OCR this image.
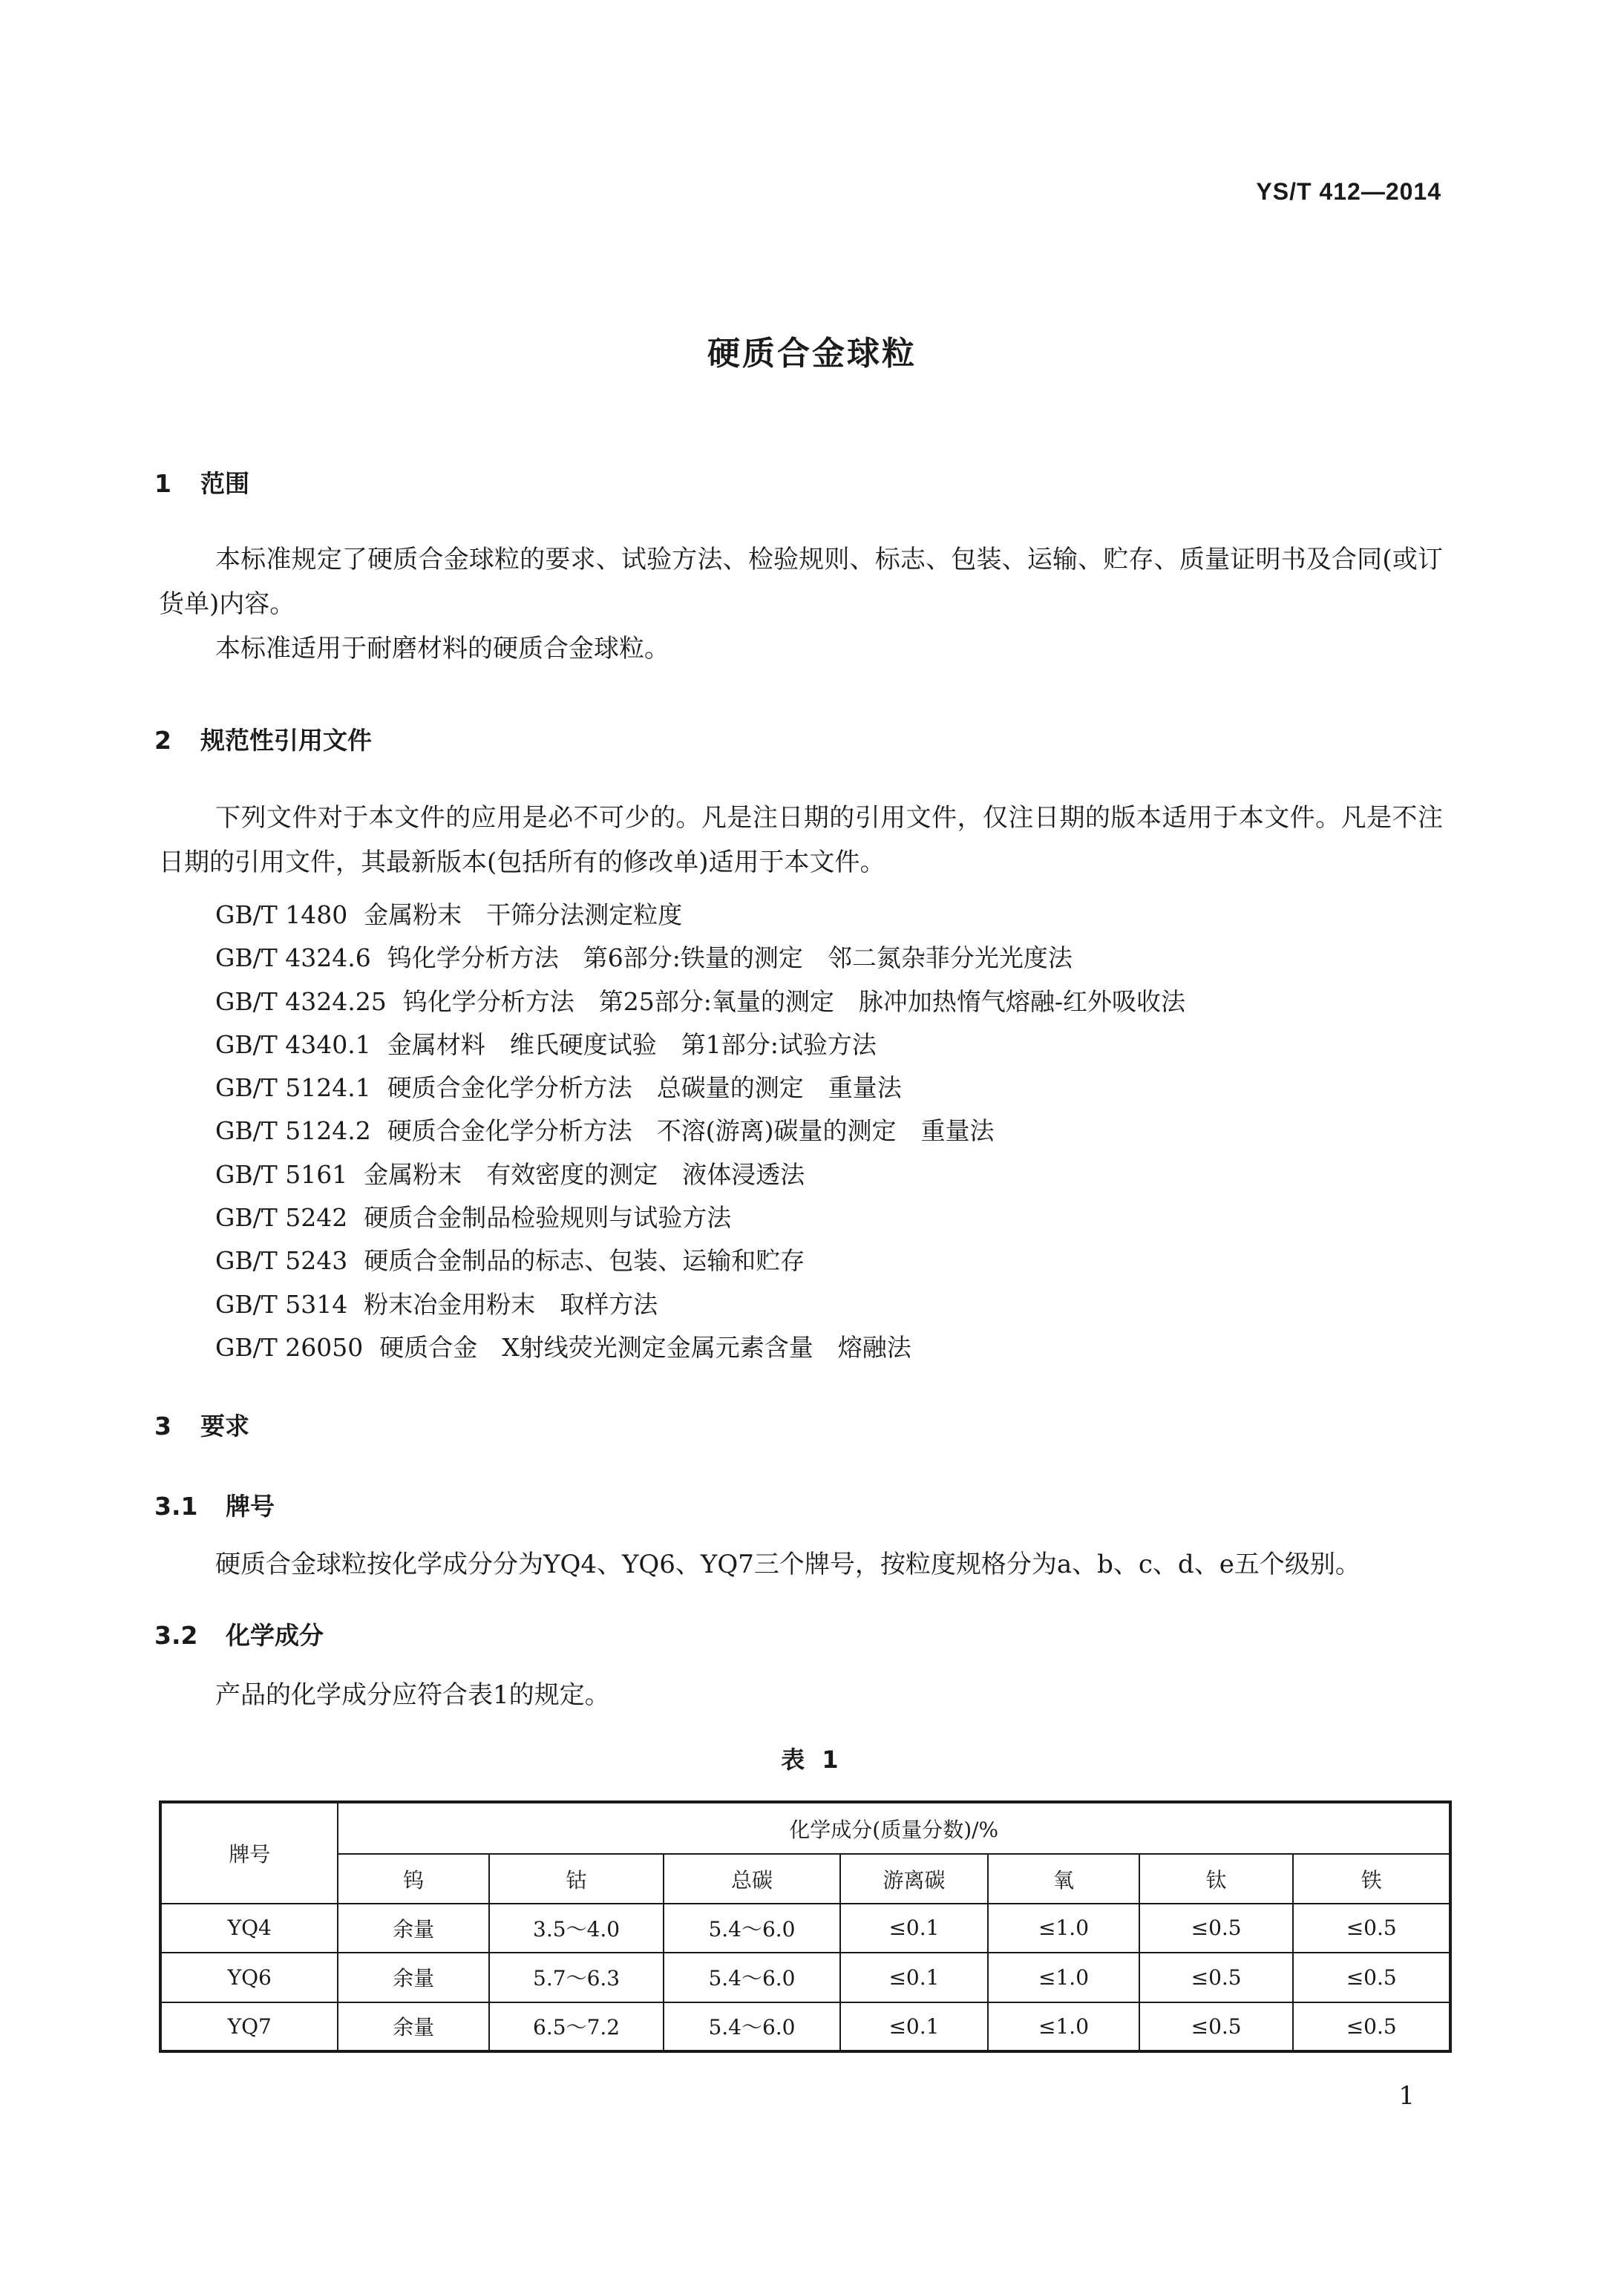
YS/T 412—2014
硬质合金球粒
1 范围

本标准规定了硬质合金球粒的要求、试验方法、检验规则、标志、包装、运输、贮存、质量证明书及合同(或订货单)内容。

本标准适用于耐磨材料的硬质合金球粒。

2 规范性引用文件

下列文件对于本文件的应用是必不可少的。凡是注日期的引用文件，仅注日期的版本适用于本文件。凡是不注日期的引用文件，其最新版本(包括所有的修改单)适用于本文件。

GB/T 1480 金属粉末　干筛分法测定粒度
GB/T 4324.6 钨化学分析方法　第6部分:铁量的测定　邻二氮杂菲分光光度法
GB/T 4324.25 钨化学分析方法　第25部分:氧量的测定　脉冲加热惰气熔融-红外吸收法
GB/T 4340.1 金属材料　维氏硬度试验　第1部分:试验方法
GB/T 5124.1 硬质合金化学分析方法　总碳量的测定　重量法
GB/T 5124.2 硬质合金化学分析方法　不溶(游离)碳量的测定　重量法
GB/T 5161 金属粉末　有效密度的测定　液体浸透法
GB/T 5242 硬质合金制品检验规则与试验方法
GB/T 5243 硬质合金制品的标志、包装、运输和贮存
GB/T 5314 粉末冶金用粉末　取样方法
GB/T 26050 硬质合金　X射线荧光测定金属元素含量　熔融法
3 要求
3.1 牌号

硬质合金球粒按化学成分分为YQ4、YQ6、YQ7三个牌号，按粒度规格分为a、b、c、d、e五个级别。

3.2 化学成分

产品的化学成分应符合表1的规定。

表 1
牌号	化学成分(质量分数)/%						
	钨	钴	总碳	游离碳	氧	钛	铁
YQ4	余量	3.5～4.0	5.4～6.0	≤0.1	≤1.0	≤0.5	≤0.5
YQ6	余量	5.7～6.3	5.4～6.0	≤0.1	≤1.0	≤0.5	≤0.5
YQ7	余量	6.5～7.2	5.4～6.0	≤0.1	≤1.0	≤0.5	≤0.5
1
